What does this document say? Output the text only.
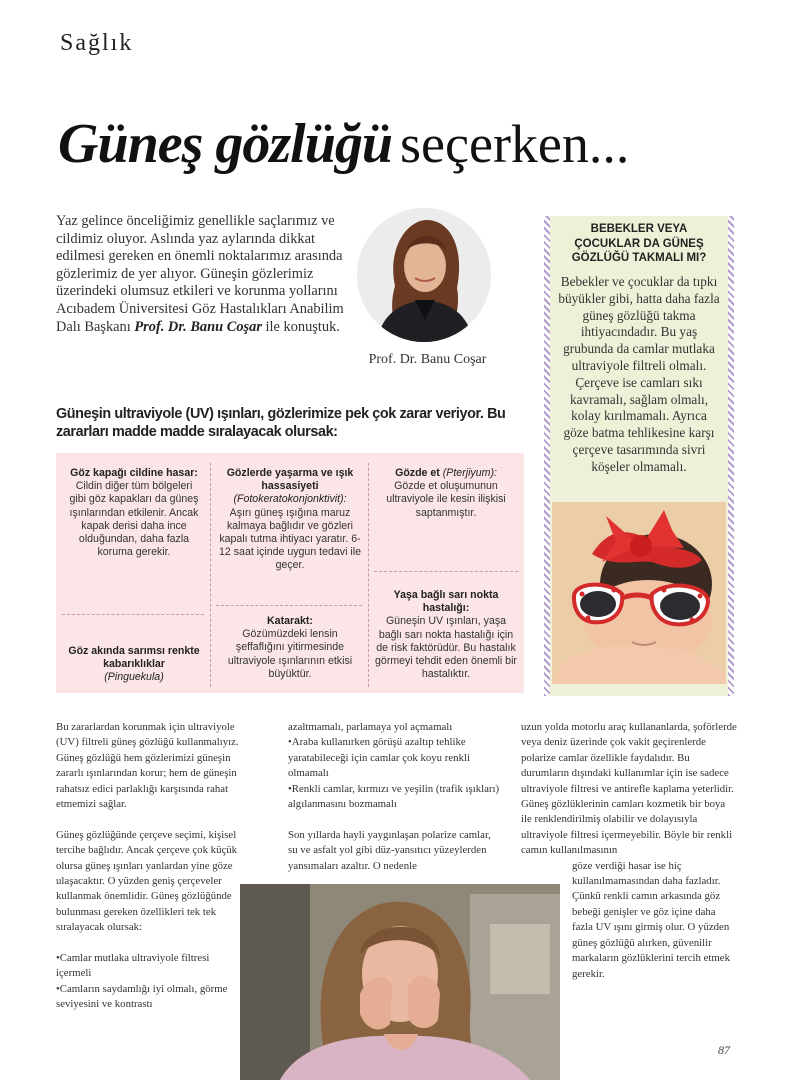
Sağlık
Güneş gözlüğü seçerken...

Yaz gelince önceliğimiz genellikle saçlarımız ve cildimiz oluyor. Aslında yaz aylarında dikkat edilmesi gereken en önemli noktalarımız arasında gözlerimiz de yer alıyor. Güneşin gözlerimiz üzerindeki olumsuz etkileri ve korunma yollarını Acıbadem Üniversitesi Göz Hastalıkları Anabilim Dalı Başkanı Prof. Dr. Banu Coşar ile konuştuk.

Prof. Dr. Banu Coşar
BEBEKLER VEYA ÇOCUKLAR DA GÜNEŞ GÖZLÜĞÜ TAKMALI MI?
Bebekler ve çocuklar da tıpkı büyükler gibi, hatta daha fazla güneş gözlüğü takma ihtiyacındadır. Bu yaş grubunda da camlar mutlaka ultraviyole filtreli olmalı. Çerçeve ise camları sıkı kavramalı, sağlam olmalı, kolay kırılmamalı. Ayrıca göze batma tehlikesine karşı çerçeve tasarımında sivri köşeler olmamalı.
Güneşin ultraviyole (UV) ışınları, gözlerimize pek çok zarar veriyor. Bu zararları madde madde sıralayacak olursak:
Göz kapağı cildine hasar:
Cildin diğer tüm bölgeleri gibi göz kapakları da güneş ışınlarından etkilenir. Ancak kapak derisi daha ince olduğundan, daha fazla koruma gerekir.
Göz akında sarımsı renkte kabarıklıklar
(Pinguekula)
Gözlerde yaşarma ve ışık hassasiyeti
(Fotokeratokonjonktivit):
Aşırı güneş ışığına maruz kalmaya bağlıdır ve gözleri kapalı tutma ihtiyacı yaratır. 6-12 saat içinde uygun tedavi ile geçer.
Katarakt:
Gözümüzdeki lensin şeffaflığını yitirmesinde ultraviyole ışınlarının etkisi büyüktür.
Gözde et (Pterjiyum):
Gözde et oluşumunun ultraviyole ile kesin ilişkisi saptanmıştır.
Yaşa bağlı sarı nokta hastalığı:
Güneşin UV ışınları, yaşa bağlı sarı nokta hastalığı için de risk faktörüdür. Bu hastalık görmeyi tehdit eden önemli bir hastalıktır.

Bu zararlardan korunmak için ultraviyole (UV) filtreli güneş gözlüğü kullanmalıyız. Güneş gözlüğü hem gözlerimizi güneşin zararlı ışınlarından korur; hem de güneşin rahatsız edici parlaklığı karşısında rahat etmemizi sağlar.

Güneş gözlüğünde çerçeve seçimi, kişisel tercihe bağlıdır. Ancak çerçeve çok küçük olursa güneş ışınları yanlardan yine göze ulaşacaktır. O yüzden geniş çerçeveler kullanmak önemlidir. Güneş gözlüğünde bulunması gereken özellikleri tek tek sıralayacak olursak:

•Camlar mutlaka ultraviyole filtresi içermeli
•Camların saydamlığı iyi olmalı, görme seviyesini ve kontrastı
azaltmamalı, parlamaya yol açmamalı
•Araba kullanırken görüşü azaltıp tehlike yaratabileceği için camlar çok koyu renkli olmamalı

•Renkli camlar, kırmızı ve yeşilin (trafik ışıkları) algılanmasını bozmamalı

Son yıllarda hayli yaygınlaşan polarize camlar, su ve asfalt yol gibi düz-yansıtıcı yüzeylerden yansımaları azaltır. O nedenle

uzun yolda motorlu araç kullananlarda, şoförlerde veya deniz üzerinde çok vakit geçirenlerde polarize camlar özellikle faydalıdır. Bu durumların dışındaki kullanımlar için ise sadece ultraviyole filtresi ve antirefle kaplama yeterlidir. Güneş gözlüklerinin camları kozmetik bir boya ile renklendirilmiş olabilir ve dolayısıyla ultraviyole filtresi içermeyebilir. Böyle bir renkli camın kullanılmasının
göze verdiği hasar ise hiç kullanılmamasından daha fazladır. Çünkü renkli camın arkasında göz bebeği genişler ve göz içine daha fazla UV ışını girmiş olur. O yüzden güneş gözlüğü alırken, güvenilir markaların gözlüklerini tercih etmek gerekir.
87
